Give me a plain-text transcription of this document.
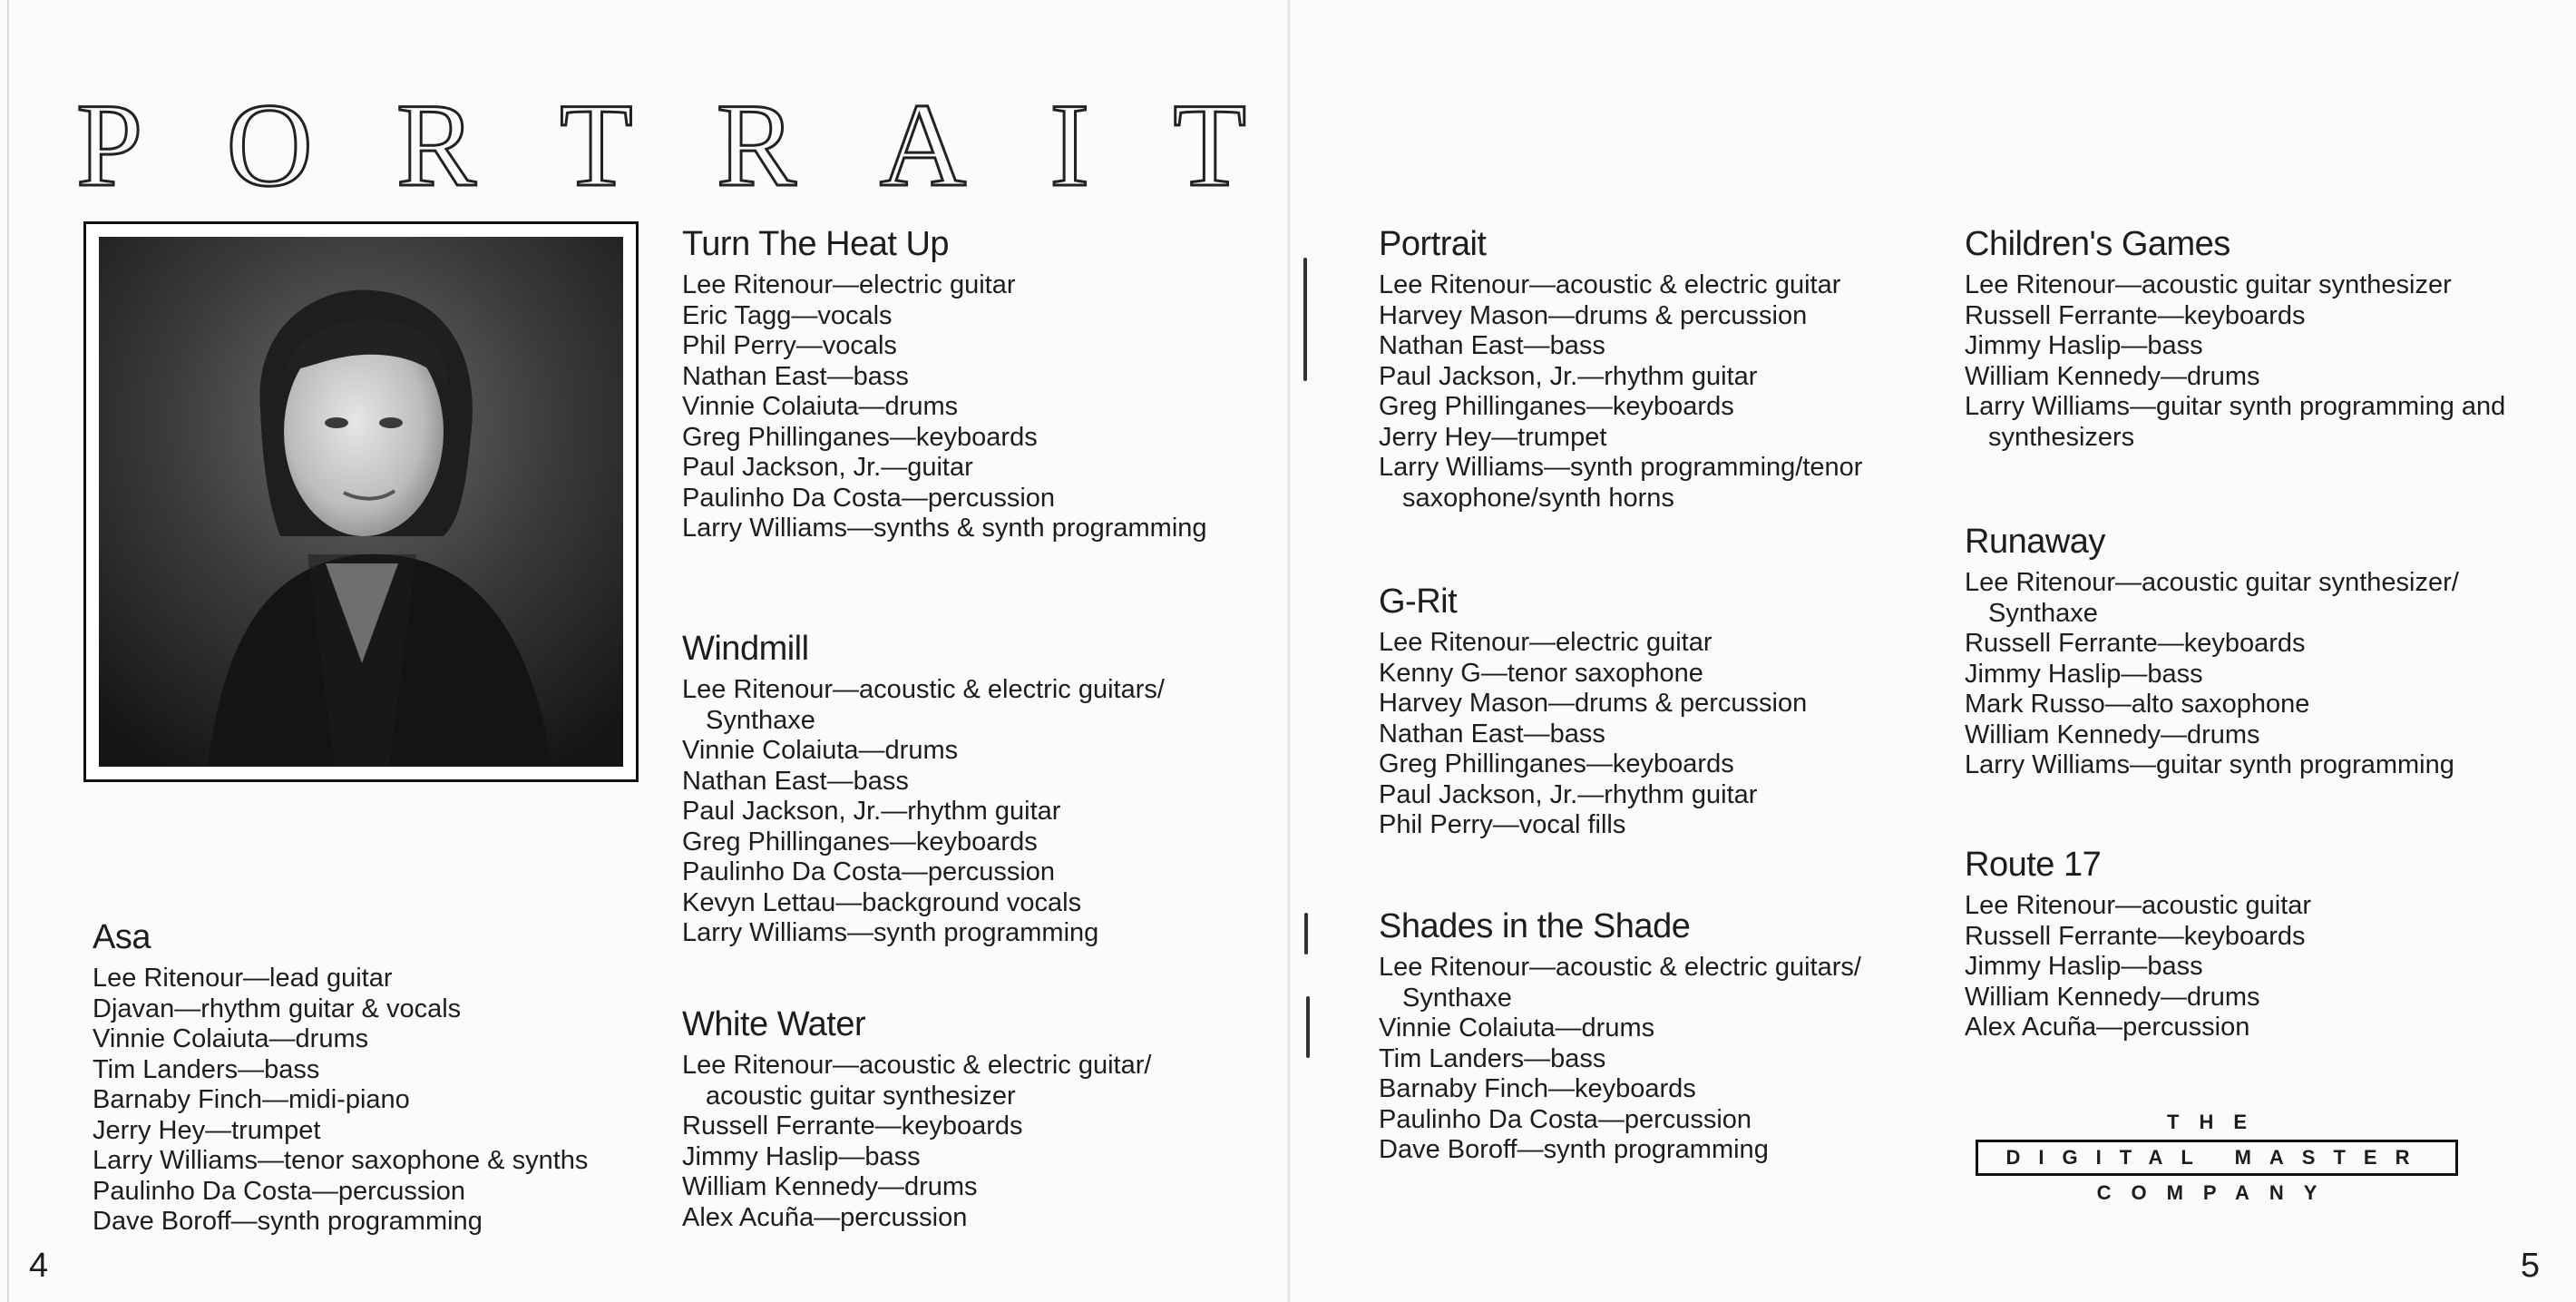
P O R T R A I T
Asa
Lee Ritenour—lead guitar
Djavan—rhythm guitar & vocals
Vinnie Colaiuta—drums
Tim Landers—bass
Barnaby Finch—midi-piano
Jerry Hey—trumpet
Larry Williams—tenor saxophone & synths
Paulinho Da Costa—percussion
Dave Boroff—synth programming
Turn The Heat Up
Lee Ritenour—electric guitar
Eric Tagg—vocals
Phil Perry—vocals
Nathan East—bass
Vinnie Colaiuta—drums
Greg Phillinganes—keyboards
Paul Jackson, Jr.—guitar
Paulinho Da Costa—percussion
Larry Williams—synths & synth programming
Windmill
Lee Ritenour—acoustic & electric guitars/ Synthaxe
Vinnie Colaiuta—drums
Nathan East—bass
Paul Jackson, Jr.—rhythm guitar
Greg Phillinganes—keyboards
Paulinho Da Costa—percussion
Kevyn Lettau—background vocals
Larry Williams—synth programming
White Water
Lee Ritenour—acoustic & electric guitar/ acoustic guitar synthesizer
Russell Ferrante—keyboards
Jimmy Haslip—bass
William Kennedy—drums
Alex Acuña—percussion
4
Portrait
Lee Ritenour—acoustic & electric guitar
Harvey Mason—drums & percussion
Nathan East—bass
Paul Jackson, Jr.—rhythm guitar
Greg Phillinganes—keyboards
Jerry Hey—trumpet
Larry Williams—synth programming/tenor saxophone/synth horns
G-Rit
Lee Ritenour—electric guitar
Kenny G—tenor saxophone
Harvey Mason—drums & percussion
Nathan East—bass
Greg Phillinganes—keyboards
Paul Jackson, Jr.—rhythm guitar
Phil Perry—vocal fills
Shades in the Shade
Lee Ritenour—acoustic & electric guitars/ Synthaxe
Vinnie Colaiuta—drums
Tim Landers—bass
Barnaby Finch—keyboards
Paulinho Da Costa—percussion
Dave Boroff—synth programming
Children's Games
Lee Ritenour—acoustic guitar synthesizer
Russell Ferrante—keyboards
Jimmy Haslip—bass
William Kennedy—drums
Larry Williams—guitar synth programming and synthesizers
Runaway
Lee Ritenour—acoustic guitar synthesizer/ Synthaxe
Russell Ferrante—keyboards
Jimmy Haslip—bass
Mark Russo—alto saxophone
William Kennedy—drums
Larry Williams—guitar synth programming
Route 17
Lee Ritenour—acoustic guitar
Russell Ferrante—keyboards
Jimmy Haslip—bass
William Kennedy—drums
Alex Acuña—percussion
5
THE
DIGITAL MASTER
COMPANY
